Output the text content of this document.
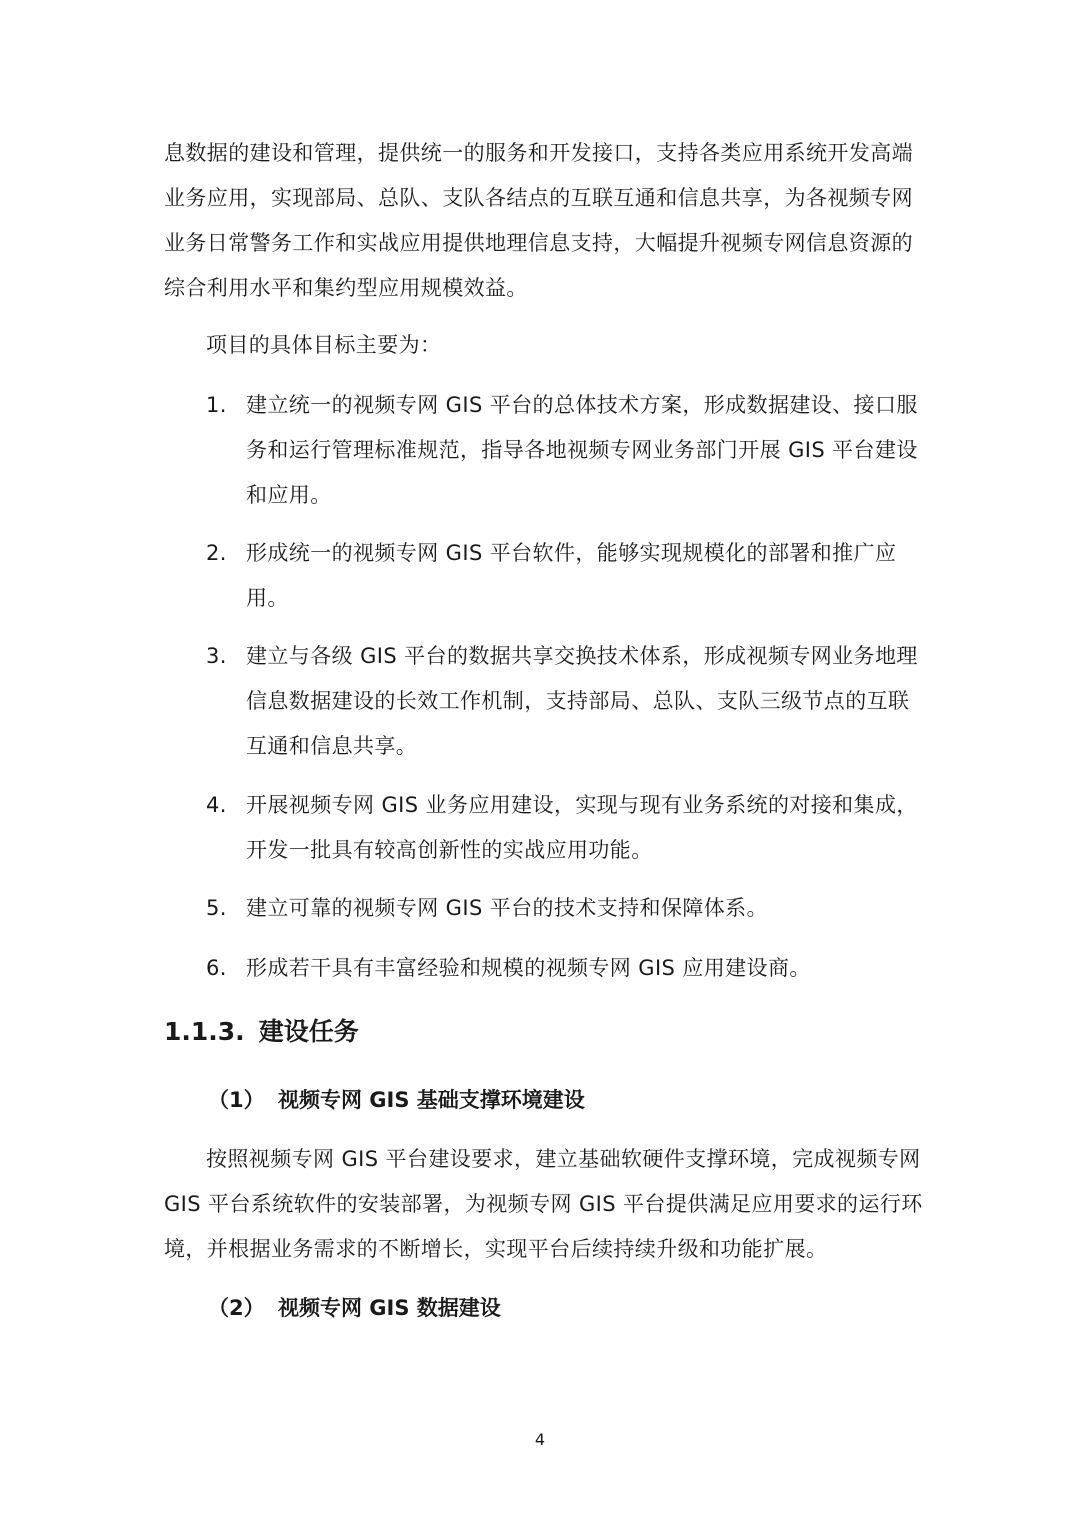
息数据的建设和管理，提供统一的服务和开发接口，支持各类应用系统开发高端业务应用，实现部局、总队、支队各结点的互联互通和信息共享，为各视频专网业务日常警务工作和实战应用提供地理信息支持，大幅提升视频专网信息资源的综合利用水平和集约型应用规模效益。

项目的具体目标主要为：

1. 建立统一的视频专网 GIS 平台的总体技术方案，形成数据建设、接口服务和运行管理标准规范，指导各地视频专网业务部门开展 GIS 平台建设和应用。
2. 形成统一的视频专网 GIS 平台软件，能够实现规模化的部署和推广应用。
3. 建立与各级 GIS 平台的数据共享交换技术体系，形成视频专网业务地理信息数据建设的长效工作机制，支持部局、总队、支队三级节点的互联互通和信息共享。
4. 开展视频专网 GIS 业务应用建设，实现与现有业务系统的对接和集成，开发一批具有较高创新性的实战应用功能。
5. 建立可靠的视频专网 GIS 平台的技术支持和保障体系。
6. 形成若干具有丰富经验和规模的视频专网 GIS 应用建设商。
1.1.3. 建设任务
（1） 视频专网 GIS 基础支撑环境建设

按照视频专网 GIS 平台建设要求，建立基础软硬件支撑环境，完成视频专网 GIS 平台系统软件的安装部署，为视频专网 GIS 平台提供满足应用要求的运行环境，并根据业务需求的不断增长，实现平台后续持续升级和功能扩展。

（2） 视频专网 GIS 数据建设
4
